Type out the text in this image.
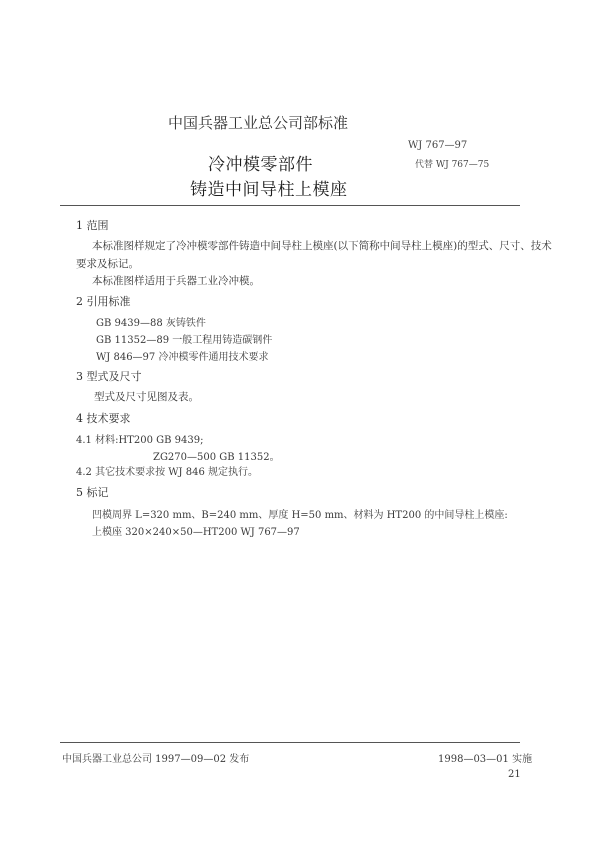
中国兵器工业总公司部标准
WJ 767—97
代替 WJ 767—75
冷冲模零部件
铸造中间导柱上模座
1 范围
本标准图样规定了冷冲模零部件铸造中间导柱上模座(以下简称中间导柱上模座)的型式、尺寸、技术
要求及标记。
本标准图样适用于兵器工业冷冲模。
2 引用标准
GB 9439—88 灰铸铁件
GB 11352—89 一般工程用铸造碳钢件
WJ 846—97 冷冲模零件通用技术要求
3 型式及尺寸
型式及尺寸见图及表。
4 技术要求
4.1 材料:HT200 GB 9439;
ZG270—500 GB 11352。
4.2 其它技术要求按 WJ 846 规定执行。
5 标记
凹模周界 L=320 mm、B=240 mm、厚度 H=50 mm、材料为 HT200 的中间导柱上模座:
上模座 320×240×50—HT200 WJ 767—97
中国兵器工业总公司 1997—09—02 发布	1998—03—01 实施
21
